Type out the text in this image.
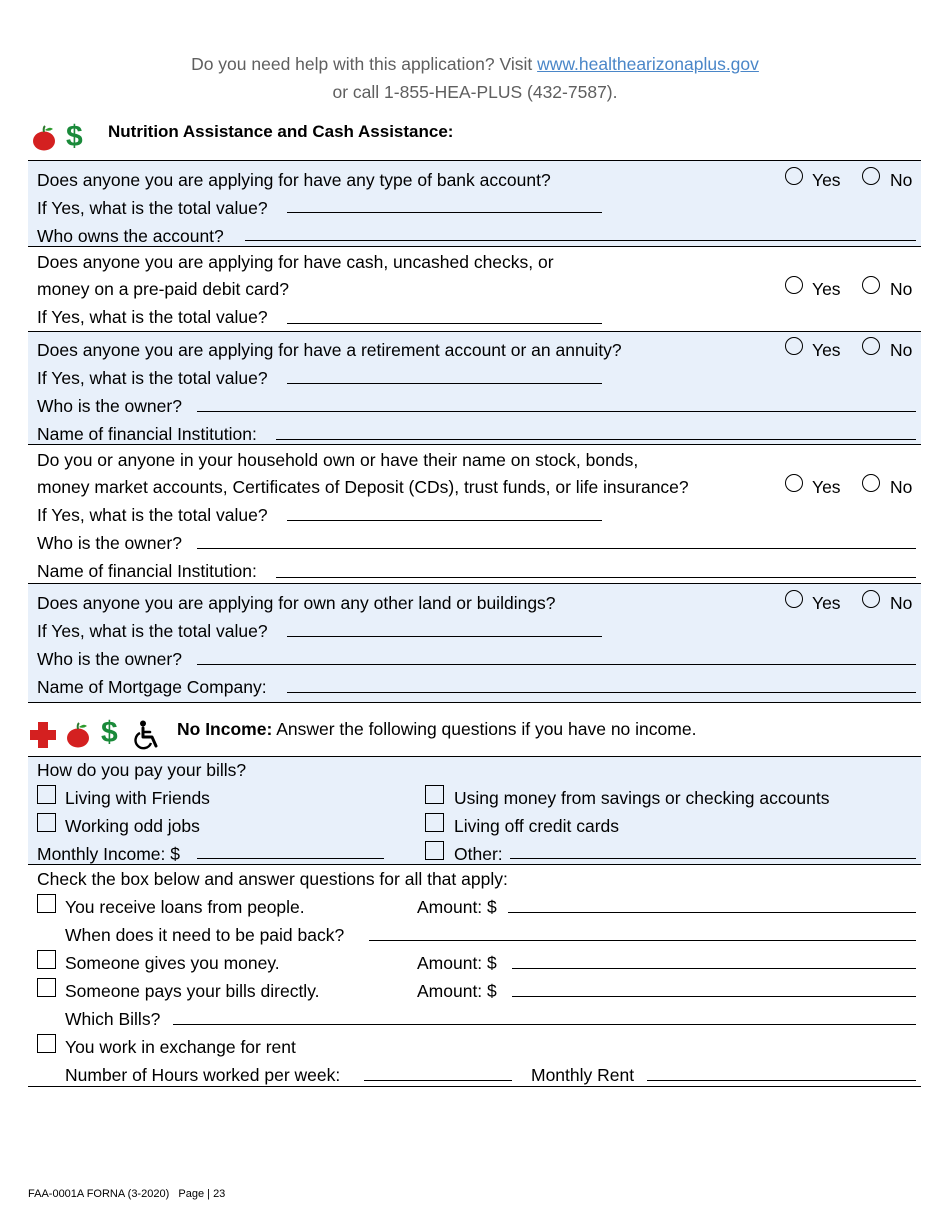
Do you need help with this application? Visit www.healthearizonaplus.gov
or call 1-855-HEA-PLUS (432-7587).
$ Nutrition Assistance and Cash Assistance:
Does anyone you are applying for have any type of bank account?	Yes	No
If Yes, what is the total value?
Who owns the account?
Does anyone you are applying for have cash, uncashed checks, or
money on a pre-paid debit card?	Yes	No
If Yes, what is the total value?
Does anyone you are applying for have a retirement account or an annuity?	Yes	No
If Yes, what is the total value?
Who is the owner?
Name of financial Institution:
Do you or anyone in your household own or have their name on stock, bonds,
money market accounts, Certificates of Deposit (CDs), trust funds, or life insurance?	Yes	No
If Yes, what is the total value?
Who is the owner?
Name of financial Institution:
Does anyone you are applying for own any other land or buildings?	Yes	No
If Yes, what is the total value?
Who is the owner?
Name of Mortgage Company:
$	No Income: Answer the following questions if you have no income.
How do you pay your bills?
Living with Friends	Using money from savings or checking accounts
Working odd jobs	Living off credit cards
Monthly Income: $	Other:
Check the box below and answer questions for all that apply:
You receive loans from people.	Amount: $
When does it need to be paid back?
Someone gives you money.	Amount: $
Someone pays your bills directly.	Amount: $
Which Bills?
You work in exchange for rent
Number of Hours worked per week:	Monthly Rent
FAA-0001A FORNA (3-2020) Page | 23
